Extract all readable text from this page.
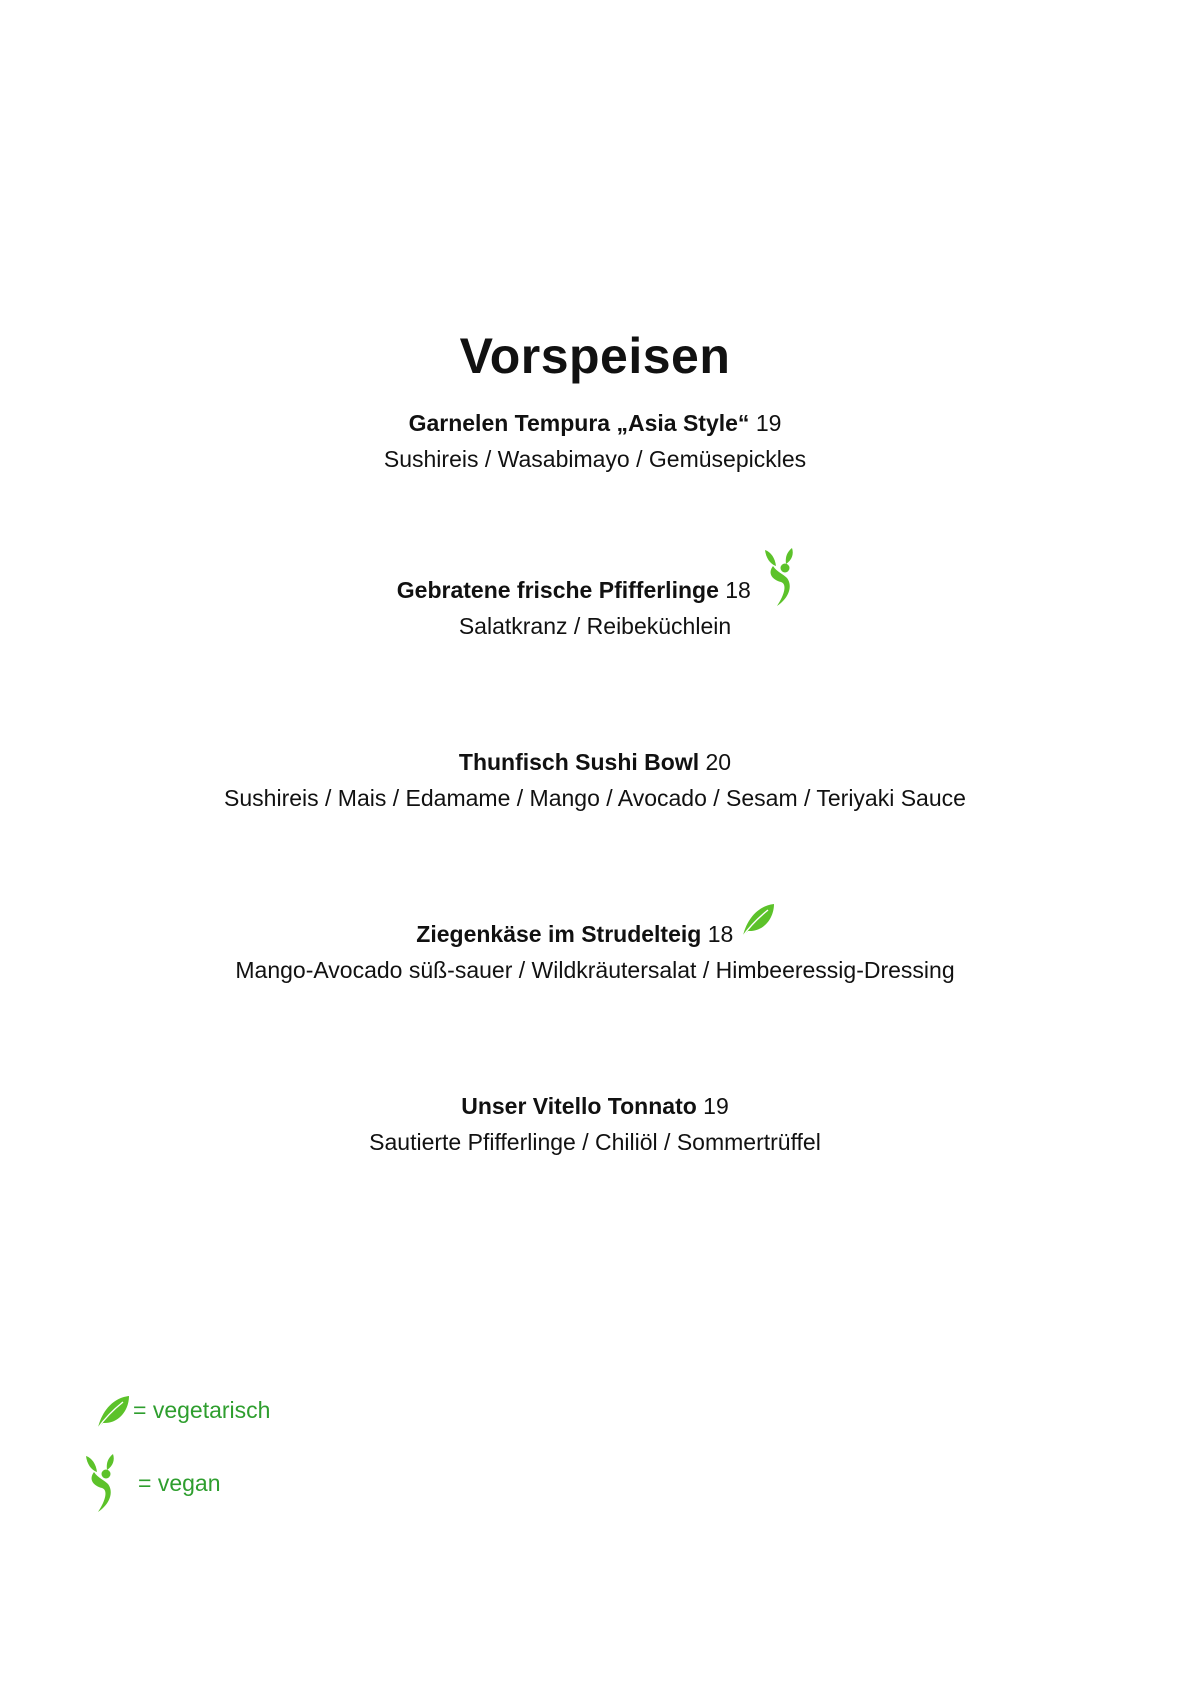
Vorspeisen
Garnelen Tempura „Asia Style“ 19
Sushireis / Wasabimayo / Gemüsepickles
Gebratene frische Pfifferlinge 18
Salatkranz / Reibeküchlein
Thunfisch Sushi Bowl 20
Sushireis / Mais / Edamame / Mango / Avocado / Sesam / Teriyaki Sauce
Ziegenkäse im Strudelteig 18
Mango-Avocado süß-sauer / Wildkräutersalat / Himbeeressig-Dressing
Unser Vitello Tonnato 19
Sautierte Pfifferlinge / Chiliöl / Sommertrüffel
= vegetarisch
= vegan
